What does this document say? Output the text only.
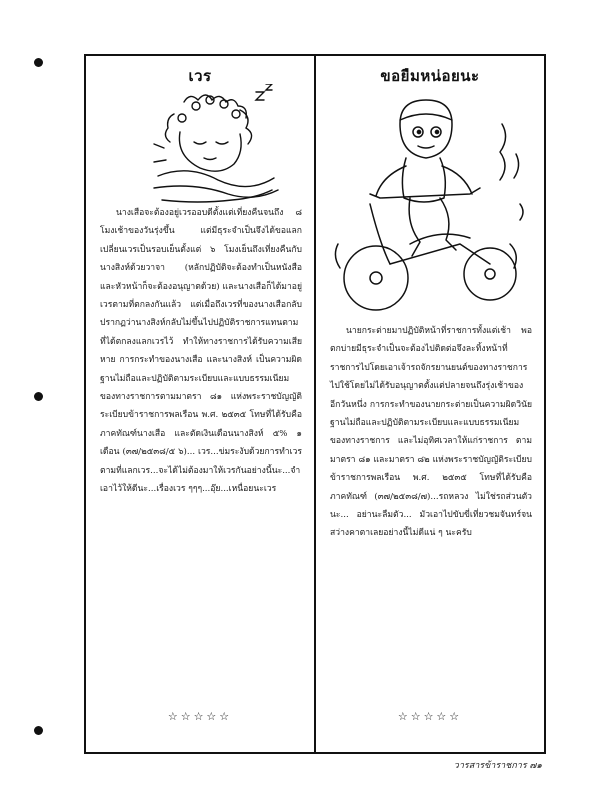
เวร

นางเสือจะต้องอยู่เวรออบดีตั้งแต่เที่ยงคืนจนถึง ๘ โมงเช้าของวันรุ่งขึ้น แต่มีธุระจำเป็นจึงได้ขอแลกเปลี่ยนเวรเป็นรอบเย็นตั้งแต่ ๖ โมงเย็นถึงเที่ยงคืนกับนางสิงห์ด้วยวาจา (หลักปฏิบัติจะต้องทำเป็นหนังสือ และหัวหน้าก็จะต้องอนุญาตด้วย) และนางเสือก็ได้มาอยู่เวรตามที่ตกลงกันแล้ว แต่เมื่อถึงเวรที่ของนางเสือกลับปรากฏว่านางสิงห์กลับไม่ขึ้นไปปฏิบัติราชการแทนตามที่ได้ตกลงแลกเวรไว้ ทำให้ทางราชการได้รับความเสียหาย การกระทำของนางเสือ และนางสิงห์ เป็นความผิดฐานไม่ถือและปฏิบัติตามระเบียบและแบบธรรมเนียมของทางราชการตามมาตรา ๘๑ แห่งพระราชบัญญัติระเบียบข้าราชการพลเรือน พ.ศ. ๒๕๓๕ โทษที่ได้รับคือ ภาคทัณฑ์นางเสือ และตัดเงินเดือนนางสิงห์ ๕% ๑ เดือน (๓๗/๒๕๓๘/๕ ๖)... เวร...ข่มระงับด้วยการทำเวรตามที่แลกเวร...จะได้ไม่ต้องมาให้เวรกันอย่างนี้นะ...จำเอาไว้ให้ดีนะ...เรื่องเวร ๆๆๆ...อุ๊ย...เหนื่อยนะเวร

☆☆☆☆☆
ขอยืมหน่อยนะ

นายกระต่ายมาปฏิบัติหน้าที่ราชการทั้งแต่เช้า พอตกบ่ายมีธุระจำเป็นจะต้องไปติดต่อจึงละทิ้งหน้าที่ราชการไปโดยเอาเจ้ารถจักรยานยนต์ของทางราชการไปใช้โดยไม่ได้รับอนุญาตตั้งแต่ปลายจนถึงรุ่งเช้าของอีกวันหนึ่ง การกระทำของนายกระต่ายเป็นความผิดวินัยฐานไม่ถือและปฏิบัติตามระเบียบและแบบธรรมเนียมของทางราชการ และไม่อุทิศเวลาให้แก่ราชการ ตามมาตรา ๘๑ และมาตรา ๘๒ แห่งพระราชบัญญัติระเบียบข้าราชการพลเรือน พ.ศ. ๒๕๓๕ โทษที่ได้รับคือ ภาคทัณฑ์ (๓๗/๒๕๓๘/๗)...รถหลวง ไม่ใช่รถส่วนตัวนะ... อย่านะลืมตัว... มัวเอาไปขับขี่เที่ยวชมจันทร์จนสว่างคาตาเลยอย่างนี้ไม่ดีแน่ ๆ นะครับ

☆☆☆☆☆
วารสารข้าราชการ ๗๑
